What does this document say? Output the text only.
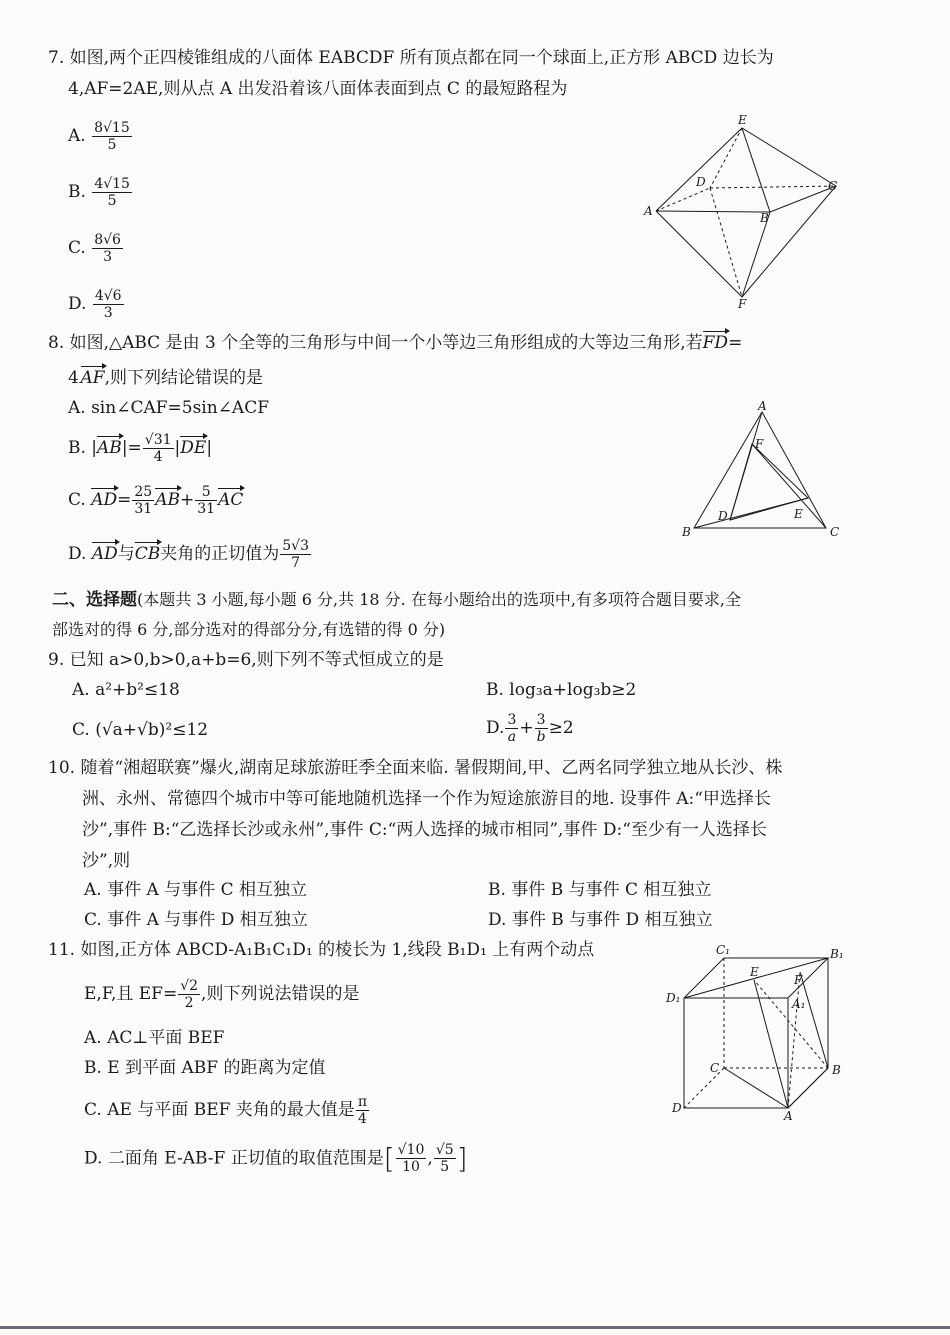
7. 如图,两个正四棱锥组成的八面体 EABCDF 所有顶点都在同一个球面上,正方形 ABCD 边长为
4,AF=2AE,则从点 A 出发沿着该八面体表面到点 C 的最短路程为
A. $\frac{8√15}{5}$
B. $\frac{4√15}{5}$
C. $\frac{8√6}{3}$
D. $\frac{4√6}{3}$
E
D	C
A	B
F
8. 如图,△ABC 是由 3 个全等的三角形与中间一个小等边三角形组成的大等边三角形,若FD=
4  AF,则下列结论错误的是
A. sin∠CAF=5sin∠ACF
B. $|AB|= \frac{√31}{4} |DE|$
C. $AD= \frac{25}{31} AB+ \frac{5}{31}$ AC
D. AD与CB夹角的正切值为 $\frac{5√3}{7}$
A
F
D	E
B	C
二、选择题(本题共 3 小题,每小题 6 分,共 18 分. 在每小题给出的选项中,有多项符合题目要求,全
部选对的得 6 分,部分选对的得部分分,有选错的得 0 分)
9. 已知 a>0,b>0,a+b=6,则下列不等式恒成立的是
A. a²+b²≤18	B. log₃a+log₃b≥2
C. (√a+√b)²≤12	D. $\frac{3}{a} + \frac{3}{b} \ge 2$
10. 随着“湘超联赛”爆火,湖南足球旅游旺季全面来临. 暑假期间,甲、乙两名同学独立地从长沙、株
洲、永州、常德四个城市中等可能地随机选择一个作为短途旅游目的地. 设事件 A:“甲选择长
沙”,事件 B:“乙选择长沙或永州”,事件 C:“两人选择的城市相同”,事件 D:“至少有一人选择长
沙”,则
A. 事件 A 与事件 C 相互独立	B. 事件 B 与事件 C 相互独立
C. 事件 A 与事件 D 相互独立	D. 事件 B 与事件 D 相互独立
11. 如图,正方体 ABCD-A₁B₁C₁D₁ 的棱长为 1,线段 B₁D₁ 上有两个动点
E,F,且 $EF= \frac{√2}{2}$ ,则下列说法错误的是
A. AC⊥平面 BEF
B. E 到平面 ABF 的距离为定值
C. AE 与平面 BEF 夹角的最大值是 $\frac{\pi}{4}$
D. 二面角 E-AB-F 正切值的取值范围是[ $\frac{√10}{10}$ , $\frac{√5}{5}$ ]
C₁	B₁
E
F
D₁	A₁
C	B
D
A
